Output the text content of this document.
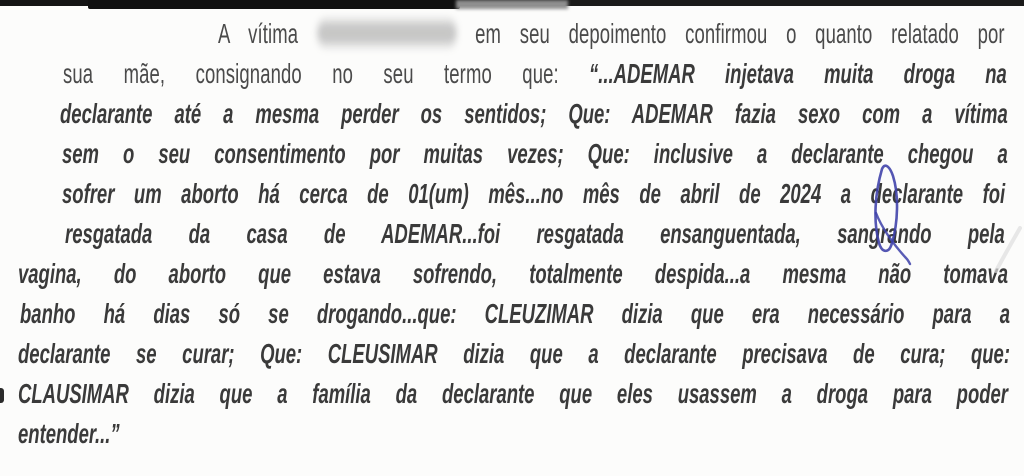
A vítima	em seu depoimento confirmou o quanto relatado por
sua mãe, consignando no seu termo que: “...ADEMAR injetava muita droga na
declarante até a mesma perder os sentidos; Que: ADEMAR fazia sexo com a vítima
sem o seu consentimento por muitas vezes; Que: inclusive a declarante chegou a
sofrer um aborto há cerca de 01(um) mês...no mês de abril de 2024 a declarante foi
resgatada da casa de ADEMAR...foi resgatada ensanguentada, sangrando pela
vagina, do aborto que estava sofrendo, totalmente despida...a mesma não tomava
banho há dias só se drogando...que: CLEUZIMAR dizia que era necessário para a
declarante se curar; Que: CLEUSIMAR dizia que a declarante precisava de cura; que:
CLAUSIMAR dizia que a família da declarante que eles usassem a droga para poder
entender...”
